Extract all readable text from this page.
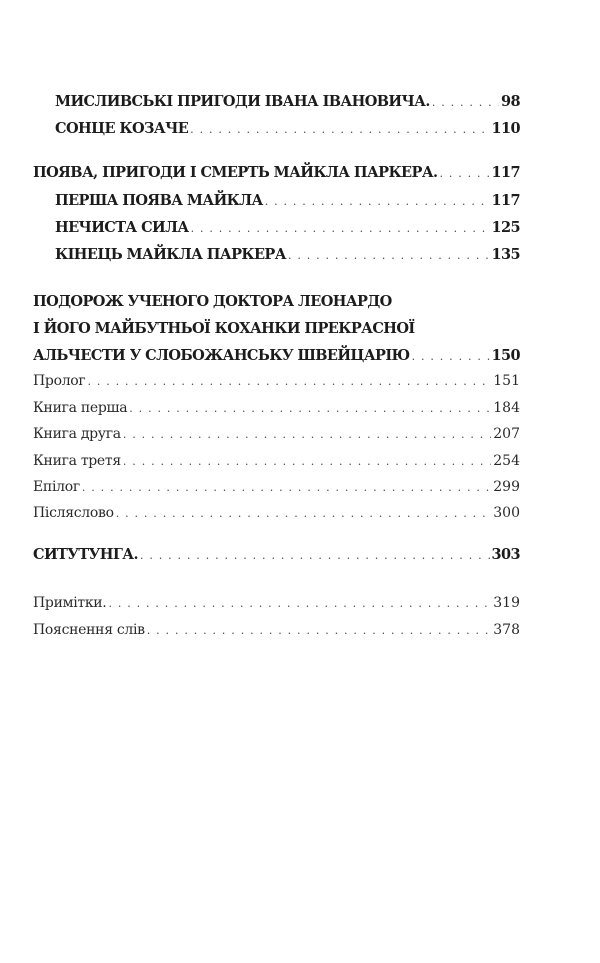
МИСЛИВСЬКІ ПРИГОДИ ІВАНА ІВАНОВИЧА. . . .	98
СОНЦЕ КОЗАЧЕ . . .	110
ПОЯВА, ПРИГОДИ І СМЕРТЬ МАЙКЛА ПАРКЕРА. . . .	117
ПЕРША ПОЯВА МАЙКЛА . . .	117
НЕЧИСТА СИЛА . . .	125
КІНЕЦЬ МАЙКЛА ПАРКЕРА . . .	135
ПОДОРОЖ УЧЕНОГО ДОКТОРА ЛЕОНАРДО
І ЙОГО МАЙБУТНЬОЇ КОХАНКИ ПРЕКРАСНОЇ
АЛЬЧЕСТИ У СЛОБОЖАНСЬКУ ШВЕЙЦАРІЮ . . .	150
Пролог . . .	151
Книга перша . . .	184
Книга друга . . .	207
Книга третя . . .	254
Епілог . . .	299
Післяслово . . .	300
СИТУТУНГА. . . .	303
Примітки. . . .	319
Пояснення слів . . .	378
